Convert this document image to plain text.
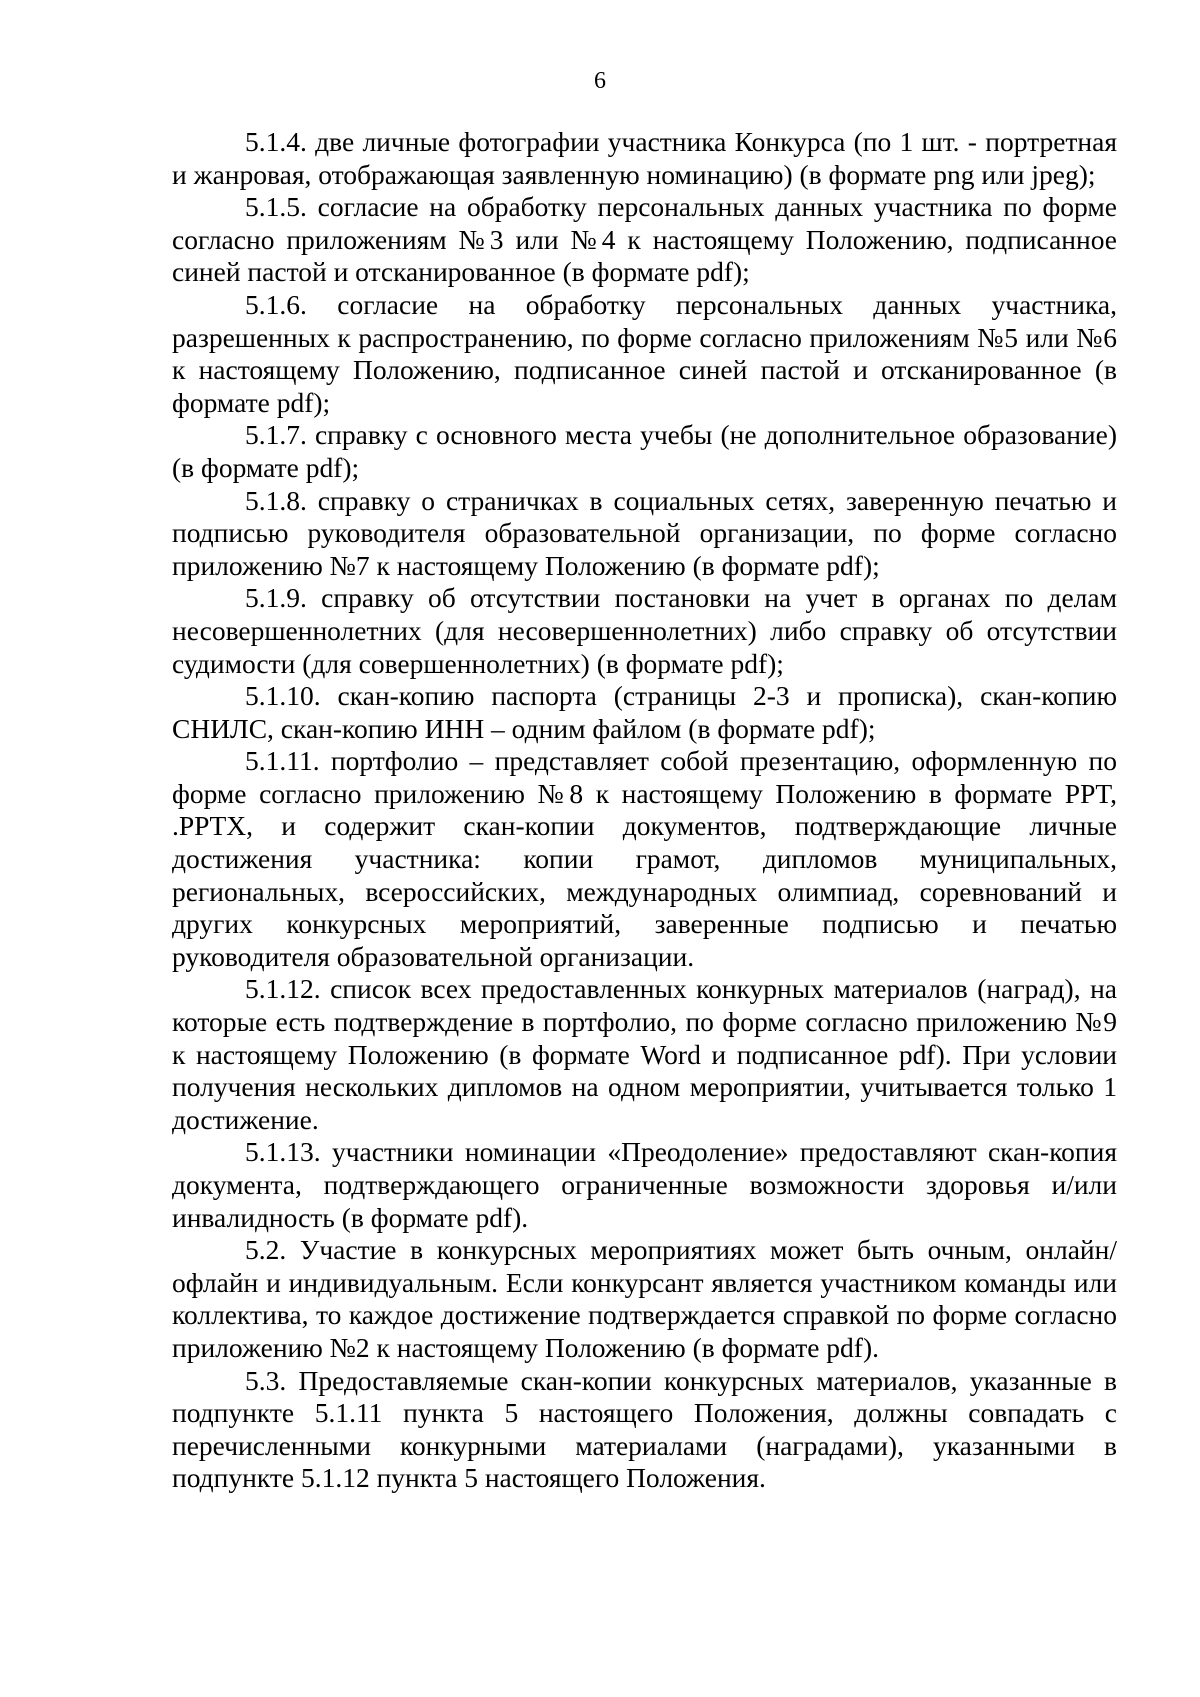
6

5.1.4. две личные фотографии участника Конкурса (по 1 шт. - портретная и жанровая, отображающая заявленную номинацию) (в формате png или jpeg);

5.1.5. согласие на обработку персональных данных участника по форме согласно приложениям №3 или №4 к настоящему Положению, подписанное синей пастой и отсканированное (в формате pdf);

5.1.6. согласие на обработку персональных данных участника, разрешенных к распространению, по форме согласно приложениям №5 или №6 к настоящему Положению, подписанное синей пастой и отсканированное (в формате pdf);

5.1.7. справку с основного места учебы (не дополнительное образование) (в формате pdf);

5.1.8. справку о страничках в социальных сетях, заверенную печатью и подписью руководителя образовательной организации, по форме согласно приложению №7 к настоящему Положению (в формате pdf);

5.1.9. справку об отсутствии постановки на учет в органах по делам несовершеннолетних (для несовершеннолетних) либо справку об отсутствии судимости (для совершеннолетних) (в формате pdf);

5.1.10. скан-копию паспорта (страницы 2-3 и прописка), скан-копию СНИЛС, скан-копию ИНН – одним файлом (в формате pdf);

5.1.11. портфолио – представляет собой презентацию, оформленную по форме согласно приложению №8 к настоящему Положению в формате PPT, .PPTX, и содержит скан-копии документов, подтверждающие личные достижения участника: копии грамот, дипломов муниципальных, региональных, всероссийских, международных олимпиад, соревнований и других конкурсных мероприятий, заверенные подписью и печатью руководителя образовательной организации.

5.1.12. список всех предоставленных конкурных материалов (наград), на которые есть подтверждение в портфолио, по форме согласно приложению №9 к настоящему Положению (в формате Word и подписанное pdf). При условии получения нескольких дипломов на одном мероприятии, учитывается только 1 достижение.

5.1.13. участники номинации «Преодоление» предоставляют скан-копия документа, подтверждающего ограниченные возможности здоровья и/или инвалидность (в формате pdf).

5.2. Участие в конкурсных мероприятиях может быть очным, онлайн/офлайн и индивидуальным. Если конкурсант является участником команды или коллектива, то каждое достижение подтверждается справкой по форме согласно приложению №2 к настоящему Положению (в формате pdf).

5.3. Предоставляемые скан-копии конкурсных материалов, указанные в подпункте 5.1.11 пункта 5 настоящего Положения, должны совпадать с перечисленными конкурными материалами (наградами), указанными в подпункте 5.1.12 пункта 5 настоящего Положения.
